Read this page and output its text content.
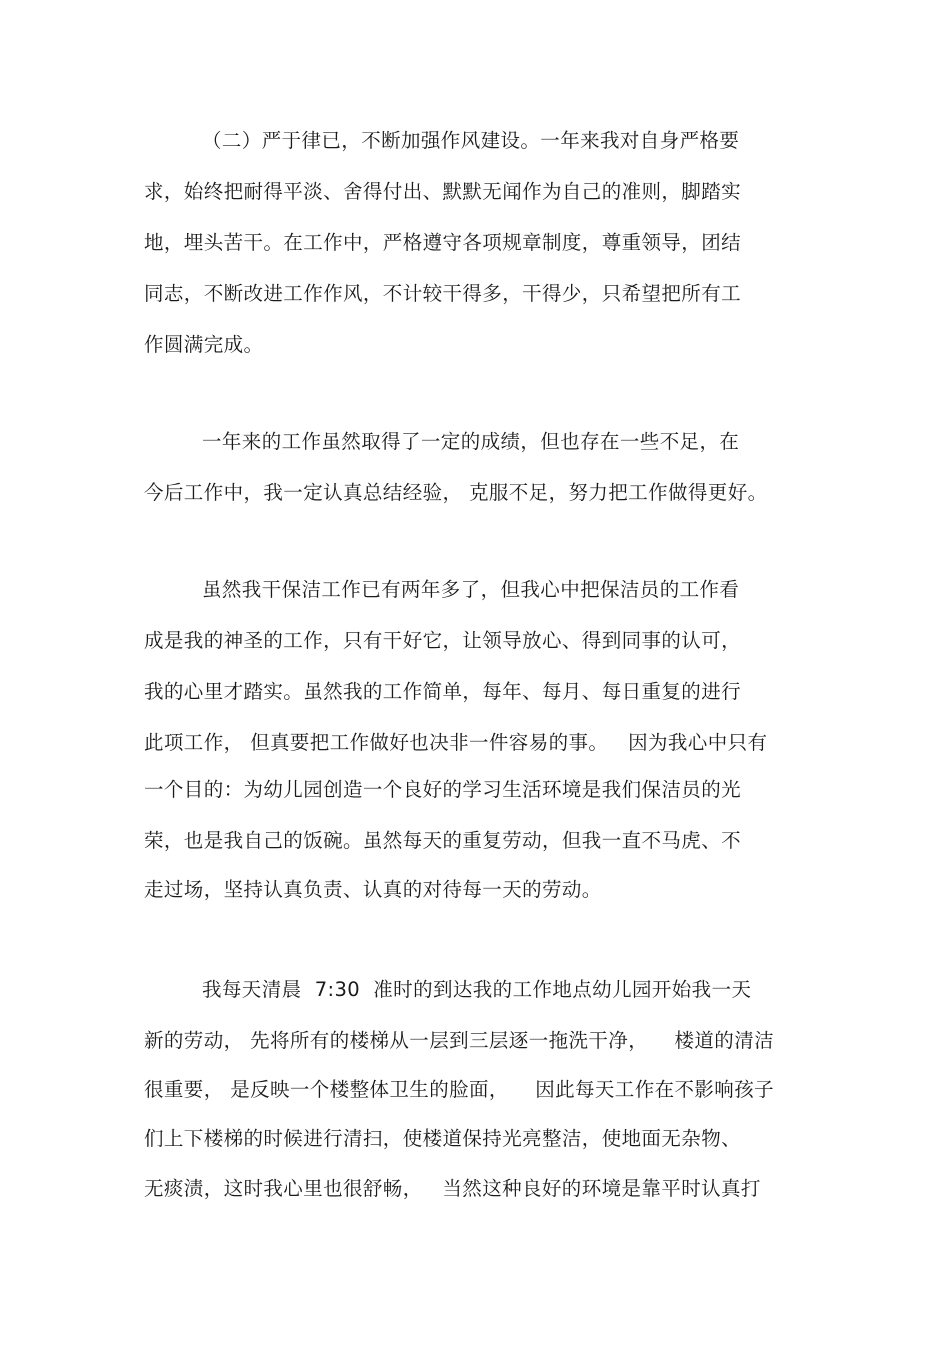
（二）严于律已，不断加强作风建设。一年来我对自身严格要
求，始终把耐得平淡、舍得付出、默默无闻作为自己的准则，脚踏实
地，埋头苦干。在工作中，严格遵守各项规章制度，尊重领导，团结
同志，不断改进工作作风，不计较干得多，干得少，只希望把所有工
作圆满完成。
一年来的工作虽然取得了一定的成绩，但也存在一些不足，在
今后工作中，我一定认真总结经验， 克服不足，努力把工作做得更好。
虽然我干保洁工作已有两年多了，但我心中把保洁员的工作看
成是我的神圣的工作，只有干好它，让领导放心、得到同事的认可，
我的心里才踏实。虽然我的工作简单，每年、每月、每日重复的进行
此项工作， 但真要把工作做好也决非一件容易的事。   因为我心中只有
一个目的：为幼儿园创造一个良好的学习生活环境是我们保洁员的光
荣，也是我自己的饭碗。虽然每天的重复劳动，但我一直不马虎、不
走过场，坚持认真负责、认真的对待每一天的劳动。
我每天清晨  7:30  准时的到达我的工作地点幼儿园开始我一天
新的劳动， 先将所有的楼梯从一层到三层逐一拖洗干净，    楼道的清洁
很重要， 是反映一个楼整体卫生的脸面，    因此每天工作在不影响孩子
们上下楼梯的时候进行清扫，使楼道保持光亮整洁，使地面无杂物、
无痰渍，这时我心里也很舒畅，   当然这种良好的环境是靠平时认真打
